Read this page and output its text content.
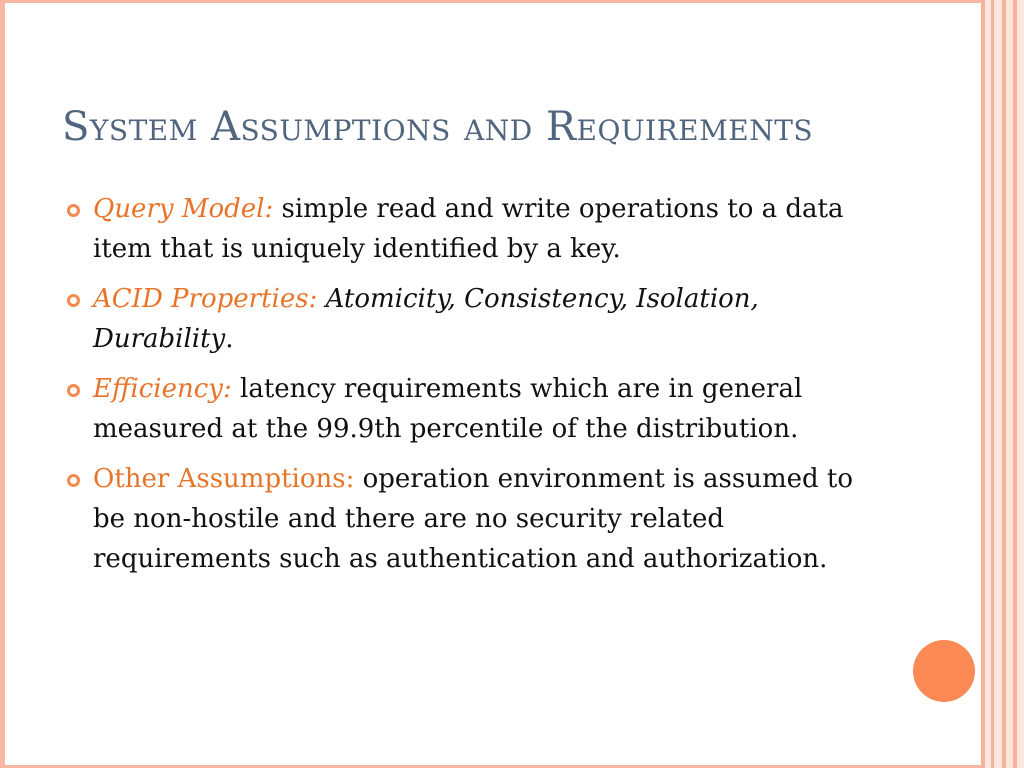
System Assumptions and Requirements
Query Model: simple read and write operations to a data item that is uniquely identified by a key.
ACID Properties: Atomicity, Consistency, Isolation, Durability.
Efficiency: latency requirements which are in general measured at the 99.9th percentile of the distribution.
Other Assumptions: operation environment is assumed to be non-hostile and there are no security related requirements such as authentication and authorization.
